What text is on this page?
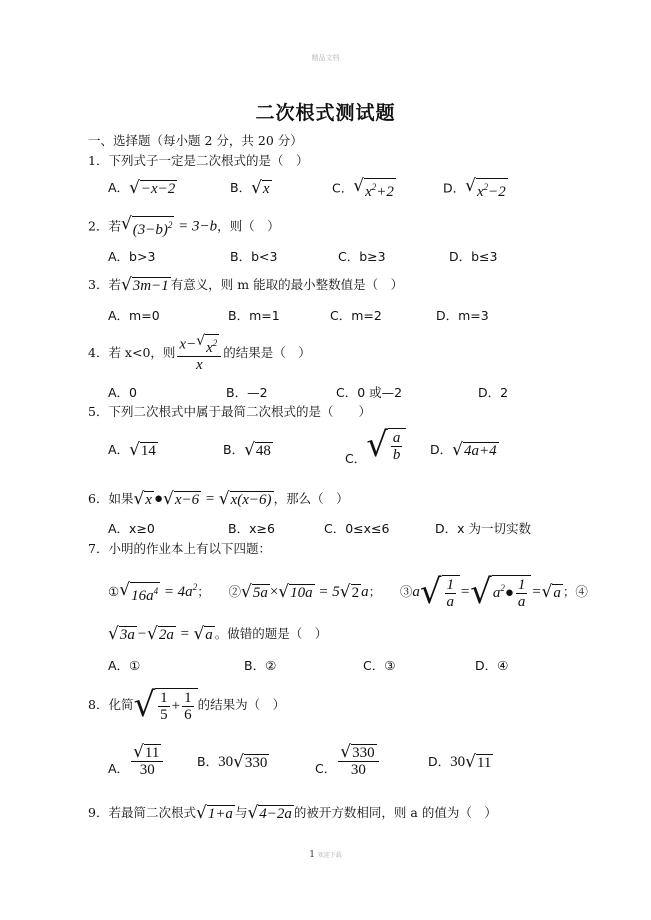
精品文档
二次根式测试题
一、选择题（每小题 2 分，共 20 分）
1．下列式子一定是二次根式的是（　）
A． √ −x−2	B． √ x	C． √ $x^2+2$	D． √ $x^2-2$
2．若 √ $(3-b)^2 = 3-b$，则（　）
A．b>3	B．b<3	C．b≥3	D．b≤3
3．若 √ 3m−1 有意义，则 m 能取的最小整数值是（　）
A．m=0	B．m=1	C．m=2	D．m=3
4．若 x<0，则 $\frac{x- √ x^2}{x}$ 的结果是（　）
A．0	B．—2	C．0 或—2	D．2
5．下列二次根式中属于最简二次根式的是（　　）
A． √ 14	B． √ 48	C． √ $\frac{a}{b}$ D． √ 4a+4
6．如果 √ x ● √ x−6 = √ x(x−6) ，那么（　）
A．x≥0	B．x≥6	C．0≤x≤6	D．x 为一切实数
7．小明的作业本上有以下四题：
① √ $16a^4 = 4a^2$；　　② √ 5a × √ 10a = 5 √ 2 a；　　③a √ $\frac{1}{a}$ = √ $a^2● \frac{1}{a}$ = √ a ；④
√ 3a − √ 2a = √ a 。做错的题是（　）
A．①	B．②	C．③	D．④
8．化简 √ $\frac{1}{5} + \frac{1}{6}$ 的结果为（　）
A． $\frac{√ 11}{30}$	B．30 √ 330	C． $\frac{√ 330}{30}$	D．30 √ 11
9．若最简二次根式 √ 1+a 与 √ 4−2a 的被开方数相同，则 a 的值为（　）
1 欢迎下载
